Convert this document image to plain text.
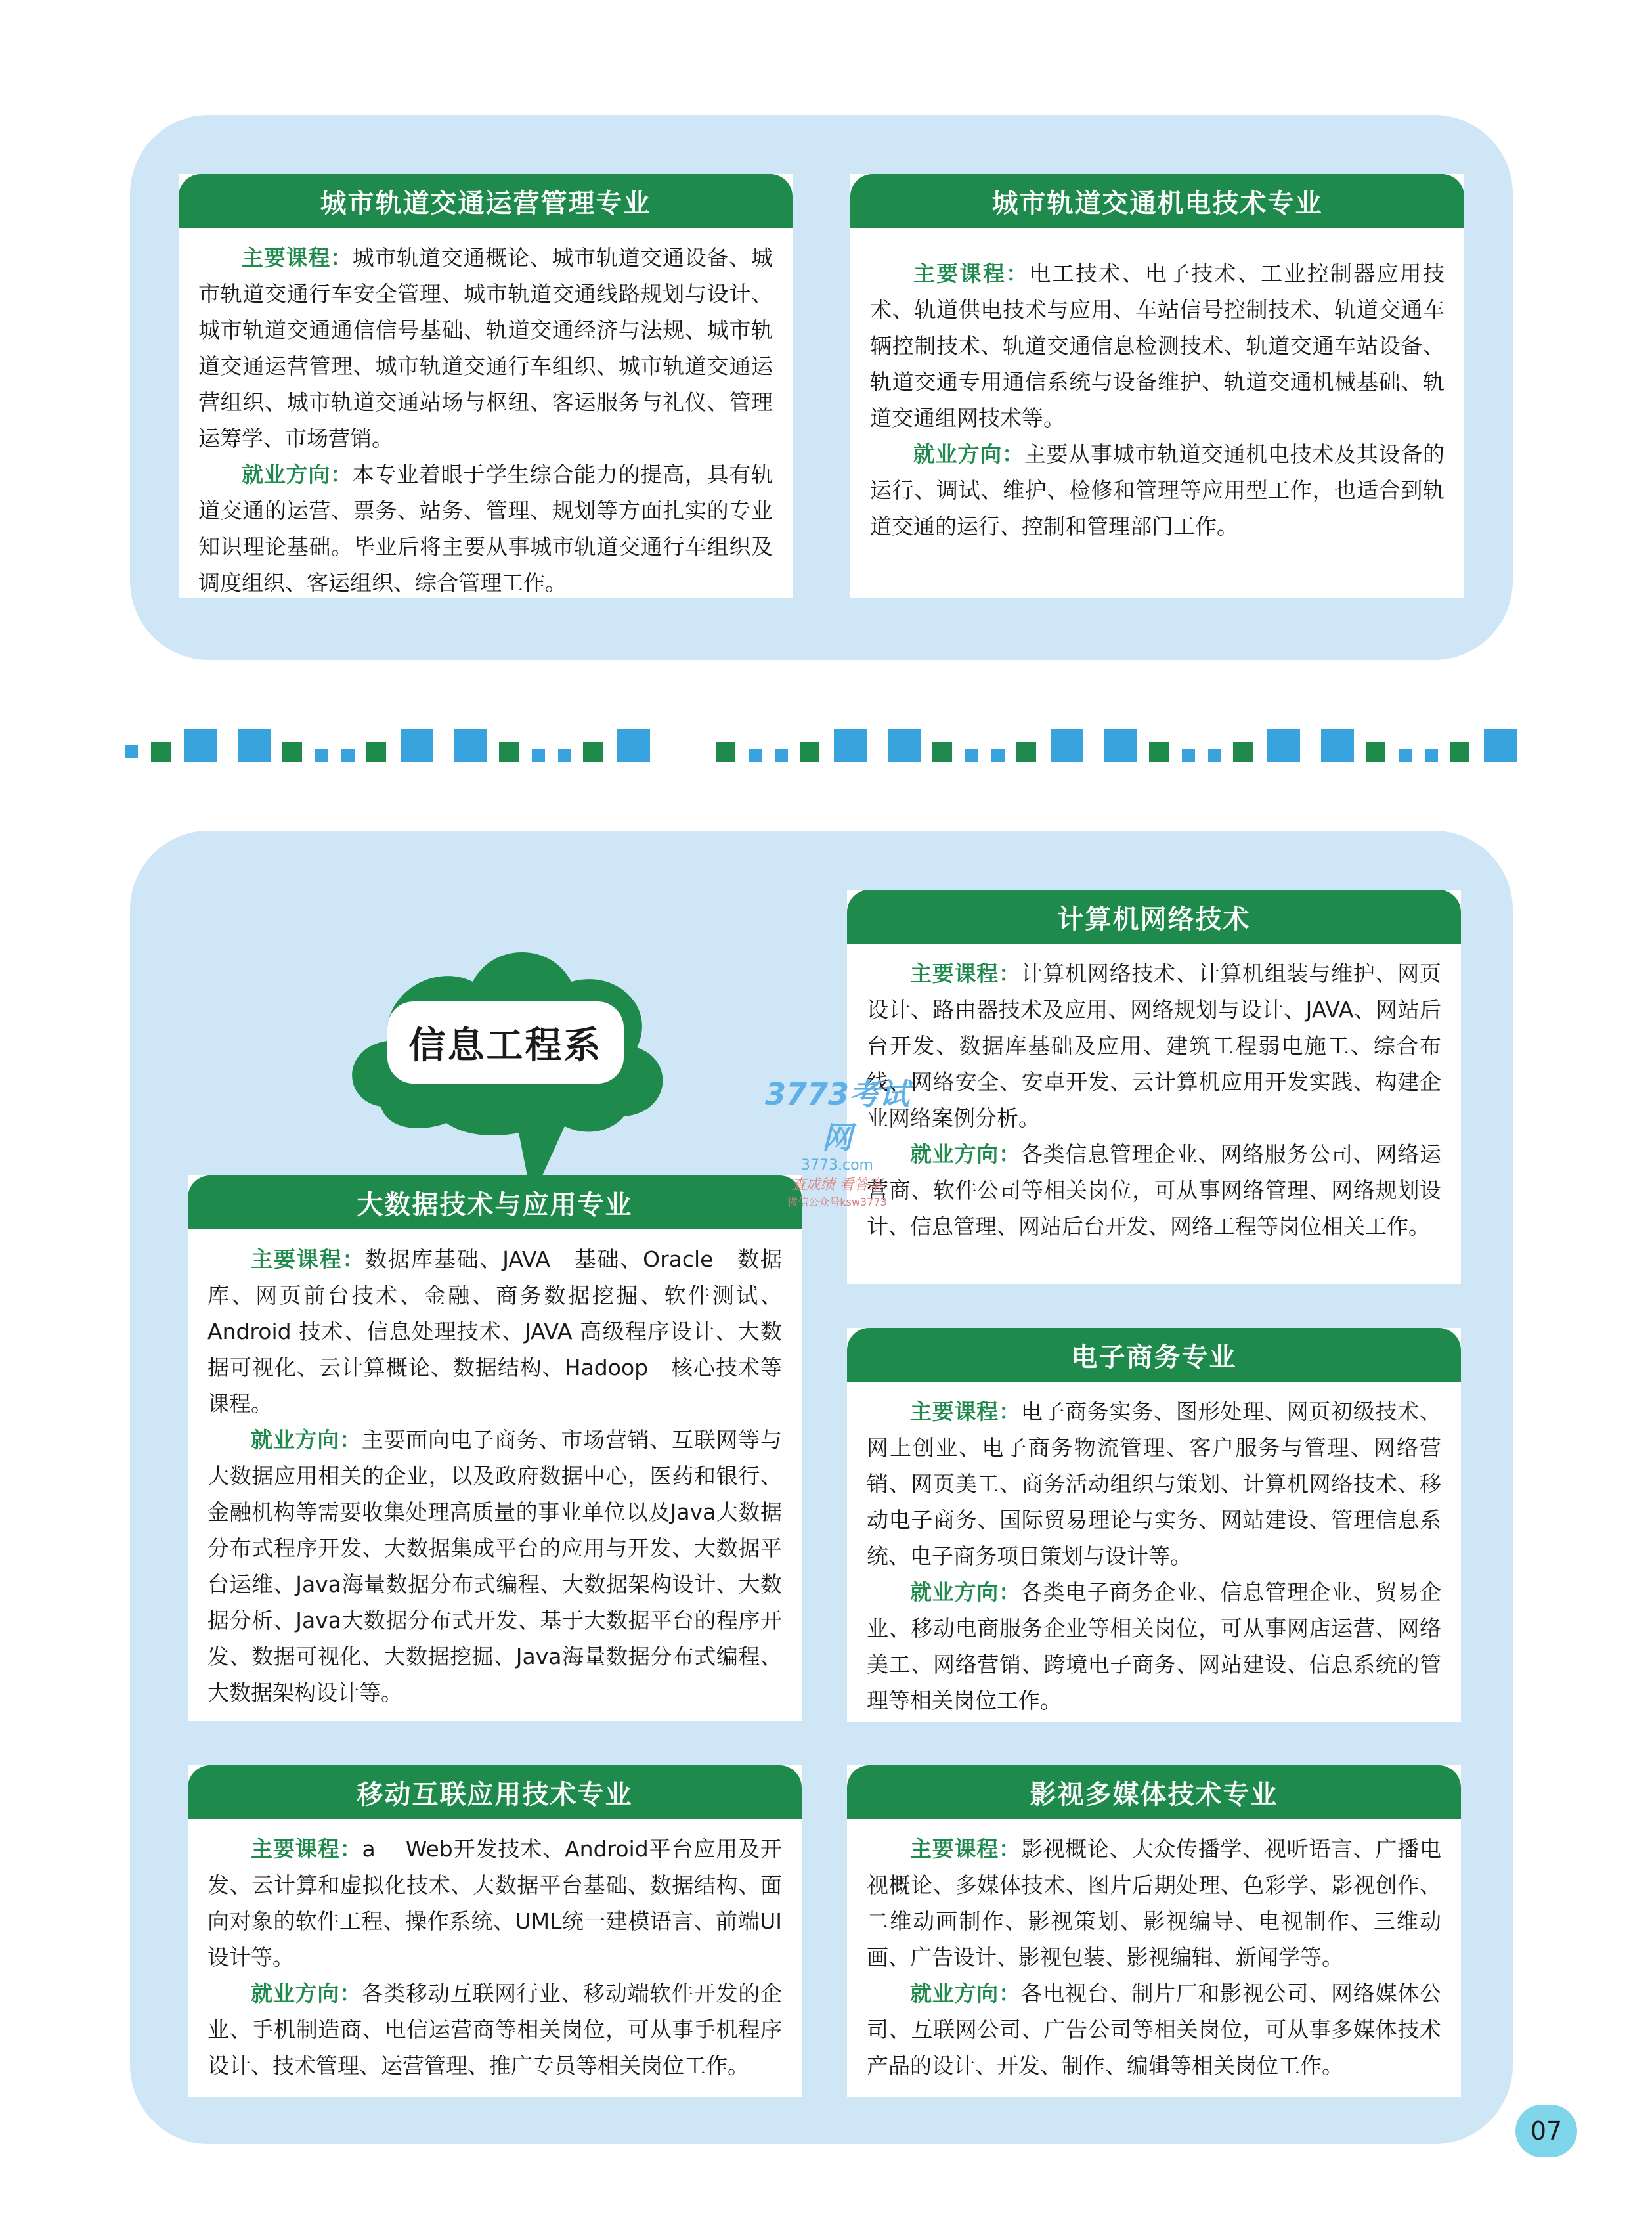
城市轨道交通运营管理专业

主要课程：城市轨道交通概论、城市轨道交通设备、城市轨道交通行车安全管理、城市轨道交通线路规划与设计、城市轨道交通通信信号基础、轨道交通经济与法规、城市轨道交通运营管理、城市轨道交通行车组织、城市轨道交通运营组织、城市轨道交通站场与枢纽、客运服务与礼仪、管理运筹学、市场营销。

就业方向：本专业着眼于学生综合能力的提高，具有轨道交通的运营、票务、站务、管理、规划等方面扎实的专业知识理论基础。毕业后将主要从事城市轨道交通行车组织及调度组织、客运组织、综合管理工作。

城市轨道交通机电技术专业

主要课程：电工技术、电子技术、工业控制器应用技术、轨道供电技术与应用、车站信号控制技术、轨道交通车辆控制技术、轨道交通信息检测技术、轨道交通车站设备、轨道交通专用通信系统与设备维护、轨道交通机械基础、轨道交通组网技术等。

就业方向：主要从事城市轨道交通机电技术及其设备的运行、调试、维护、检修和管理等应用型工作，也适合到轨道交通的运行、控制和管理部门工作。

信息工程系
大数据技术与应用专业

主要课程：数据库基础、JAVA　基础、Oracle　数据库、网页前台技术、金融、商务数据挖掘、软件测试、Android 技术、信息处理技术、JAVA 高级程序设计、大数据可视化、云计算概论、数据结构、Hadoop　核心技术等课程。

就业方向：主要面向电子商务、市场营销、互联网等与大数据应用相关的企业，以及政府数据中心，医药和银行、金融机构等需要收集处理高质量的事业单位以及Java大数据分布式程序开发、大数据集成平台的应用与开发、大数据平台运维、Java海量数据分布式编程、大数据架构设计、大数据分析、Java大数据分布式开发、基于大数据平台的程序开发、数据可视化、大数据挖掘、Java海量数据分布式编程、大数据架构设计等。

移动互联应用技术专业

主要课程：a　 Web开发技术、Android平台应用及开发、云计算和虚拟化技术、大数据平台基础、数据结构、面向对象的软件工程、操作系统、UML统一建模语言、前端UI设计等。

就业方向：各类移动互联网行业、移动端软件开发的企业、手机制造商、电信运营商等相关岗位，可从事手机程序设计、技术管理、运营管理、推广专员等相关岗位工作。

计算机网络技术

主要课程：计算机网络技术、计算机组装与维护、网页设计、路由器技术及应用、网络规划与设计、JAVA、网站后台开发、数据库基础及应用、建筑工程弱电施工、综合布线、网络安全、安卓开发、云计算机应用开发实践、构建企业网络案例分析。

就业方向：各类信息管理企业、网络服务公司、网络运营商、软件公司等相关岗位，可从事网络管理、网络规划设计、信息管理、网站后台开发、网络工程等岗位相关工作。

电子商务专业

主要课程：电子商务实务、图形处理、网页初级技术、网上创业、电子商务物流管理、客户服务与管理、网络营销、网页美工、商务活动组织与策划、计算机网络技术、移动电子商务、国际贸易理论与实务、网站建设、管理信息系统、电子商务项目策划与设计等。

就业方向：各类电子商务企业、信息管理企业、贸易企业、移动电商服务企业等相关岗位，可从事网店运营、网络美工、网络营销、跨境电子商务、网站建设、信息系统的管理等相关岗位工作。

影视多媒体技术专业

主要课程：影视概论、大众传播学、视听语言、广播电视概论、多媒体技术、图片后期处理、色彩学、影视创作、二维动画制作、影视策划、影视编导、电视制作、三维动画、广告设计、影视包装、影视编辑、新闻学等。

就业方向：各电视台、制片厂和影视公司、网络媒体公司、互联网公司、广告公司等相关岗位，可从事多媒体技术产品的设计、开发、制作、编辑等相关岗位工作。

3773考试网
3773.com
查成绩 看答案
微信公众号ksw3773
07
